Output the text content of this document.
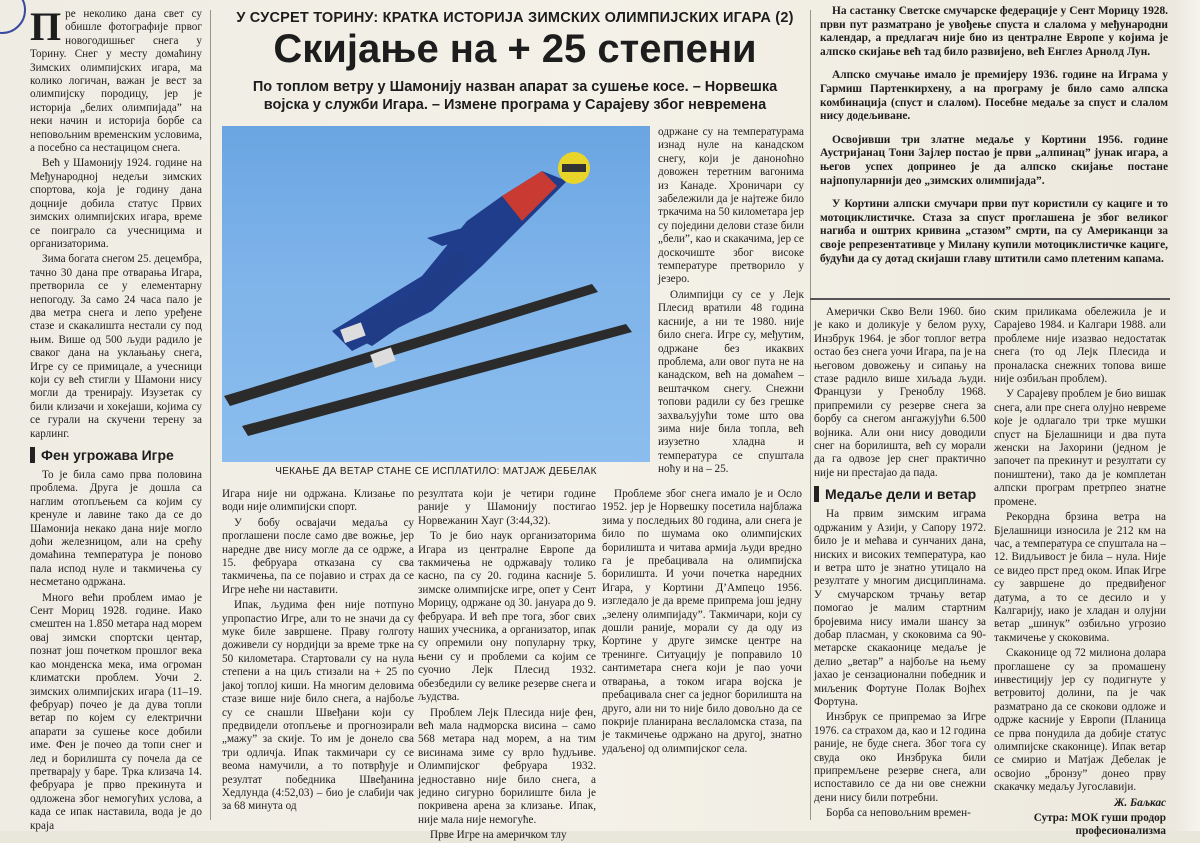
Пре неколико дана свет су обишле фотографије првог новогодишњег снега у Торину. Снег у месту домаћину Зимских олимпијских игара, ма колико логичан, важан је вест за олимпијску породицу, јер је историја „белих олимпијада” на неки начин и историја борбе са неповољним временским условима, а посебно са нестацицом снега.

Већ у Шамонију 1924. године на Међународној недељи зимских спортова, која је годину дана доцније добила статус Првих зимских олимпијских игара, време се поиграло са учесницима и организаторима.

Зима богата снегом 25. децембра, тачно 30 дана пре отварања Игара, претворила се у елементарну непогоду. За само 24 часа пало је два метра снега и лепо уређене стазе и скакалишта нестали су под њим. Више од 500 људи радило је сваког дана на уклањању снега, Игре су се примицале, а учесници који су већ стигли у Шамони нису могли да тренирају. Изузетак су били клизачи и хокејаши, којима су се гурали на скучени терену за карлинг.

Фен угрожава Игре

То је била само прва половина проблема. Друга је дошла са наглим отопљењем са којим су кренуле и лавине тако да се до Шамонија некако дана није могло доћи железницом, али на срећу домаћина температура је поново пала испод нуле и такмичења су несметано одржана.

Много већи проблем имао је Сент Мориц 1928. године. Иако смештен на 1.850 метара над морем овај зимски спортски центар, познат још почетком прошлог века као монденска мека, има огроман климатски проблем. Уочи 2. зимских олимпијских игара (11–19. фебруар) почео је да дува топли ветар по којем су електрични апарати за сушење косе добили име. Фен је почео да топи снег и лед и борилишта су почела да се претварају у баре. Трка клизача 14. фебруара је прво прекинута и одложена због немогућих услова, а када се ипак наставила, вода је до краја

У СУСРЕТ ТОРИНУ: КРАТКА ИСТОРИЈА ЗИМСКИХ ОЛИМПИЈСКИХ ИГАРА (2)
Скијање на + 25 степени
По топлом ветру у Шамонију назван апарат за сушење косе. – Норвешка
војска у служби Игара. – Измене програма у Сарајеву због невремена
ЧЕКАЊЕ ДА ВЕТАР СТАНЕ СЕ ИСПЛАТИЛО: МАТЈАЖ ДЕБЕЛАК

одржане су на температурама изнад нуле на канадском снегу, који је данонoћно довожен теретним вагонима из Канаде. Хроничари су забележили да је најтеже било тркачима на 50 километара јер су поједини делови стазе били „бели”, као и скакачима, јер се доскочиште због високе температуре претворило у језеро.

Олимпијци су се у Лејк Плесид вратили 48 година касније, а ни те 1980. није било снега. Игре су, међутим, одржане без икаквих проблема, али овог пута не на канадском, већ на домаћем – вештачком снегу. Снежни топови радили су без грешке захваљујући томе што ова зима није била топла, већ изузетно хладна и температура се спуштала ноћу и на – 25.

Игара није ни одржана. Клизање по води није олимпијски спорт.

У бобу освајачи медаља су проглашени после само две вожње, јер наредне две нису могле да се одрже, а 15. фебруара отказана су сва такмичења, па се појавио и страх да се Игре неће ни наставити.

Ипак, људима фен није потпуно упропастио Игре, али то не значи да су муке биле завршене. Праву голготу доживели су нордијци за време трке на 50 километара. Стартовали су на нула степени а на циљ стизали на + 25 по јакој топлој киши. На многим деловима стазе више није било снега, а најбоље су се снашли Швеђани који су предвидели отопљење и прогнозирали „мажу” за скије. То им је донело сва три одличја. Ипак такмичари су се веома намучили, а то потврђује и резултат победника Швеђанина Хедлунда (4:52,03) – био је слабији чак за 68 минута од

резултата који је четири године раније у Шамонију постигао Норвежанин Хауг (3:44,32).

То је био наук организаторима Игара из централне Европе да такмичења не одржавају толико касно, па су 20. година касније 5. зимске олимпијске игре, опет у Сент Морицу, одржане од 30. јануара до 9. фебруара. И већ пре тога, због свих наших учесника, а организатор, ипак су опремили ону популарну трку, њени су и проблеми са којим се суочио Лејк Плесид 1932. обезбедили су велике резерве снега и људства.

Проблем Лејк Плесида није фен, већ мала надморска висина – само 568 метара над морем, а на тим висинама зиме су врло ћудљиве. Олимпијског фебруара 1932. једноставно није било снега, а једино сигурно борилиште била је покривена арена за клизање. Ипак, није мала није немогуће.

Прве Игре на америчком тлу

Проблеме због снега имало је и Осло 1952. јер је Норвешку посетила најблажа зима у последњих 80 година, али снега је било по шумама око олимпијских борилишта и читава армија људи вредно га је пребацивала на олимпијска борилишта. И уочи почетка наредних Игара, у Кортини Д’Ампецо 1956. изгледало је да време припрема још једну „зелену олимпијаду”. Такмичари, који су дошли раније, морали су да оду из Кортине у друге зимске центре на тренинге. Ситуацију је поправило 10 сантиметара снега који је пао уочи отварања, а током игара војска је пребацивала снег са једног борилишта на друго, али ни то није било довољно да се покрије планирана веслаломска стаза, па је такмичење одржано на другој, знатно удаљеној од олимпијског села.

На састанку Светске смучарске федерације у Сент Морицу 1928. први пут разматрано је увођење спуста и слалома у међународни календар, а предлагач није био из централне Европе у којима је алпско скијање већ тад било развијено, већ Енглез Арнолд Лун.

Алпско смучање имало је премијеру 1936. године на Играма у Гармиш Партенкирхену, а на програму је било само алпска комбинација (спуст и слалом). Посебне медаље за спуст и слалом нису додељиване.

Освојивши три златне медаље у Кортини 1956. године Аустријанац Тони Зајлер постао је први „алпинац” јунак игара, а његов успех допринео је да алпско скијање постане најпопуларнији део „зимских олимпијада”.

У Кортини алпски смучари први пут користили су кациге и то мотоциклистичке. Стаза за спуст проглашена је због великог нагиба и оштрих кривина „стазом” смрти, па су Американци за своје репрезентативце у Милану купили мотоциклистичке кациге, будући да су дотад скијаши главу штитили само плетеним капама.

Амерички Скво Вели 1960. био је како и доликује у белом руху, Инзбрук 1964. је због топлог ветра остао без снега уочи Игара, па је на његовом довожењу и сипању на стазе радило више хиљада људи. Французи у Греноблу 1968. припремили су резерве снега за борбу са снегом ангажујући 6.500 војника. Али они нису доводили снег на борилишта, већ су морали да га одвозе јер снег практично није ни престајао да пада.

Медаље дели и ветар

На првим зимским играма одржаним у Азији, у Сапору 1972. било је и мећава и сунчаних дана, ниских и високих температура, као и ветра што је знатно утицало на резултате у многим дисциплинама. У смучарском трчању ветар помогао је малим стартним бројевима нису имали шансу за добар пласман, у скоковима са 90-метарске скакаонице медаље је делио „ветар” а најбоље на њему јахао је сензационални победник и миљеник Фортуне Полак Војћех Фортуна.

Инзбрук се припремао за Игре 1976. са страхом да, као и 12 година раније, не буде снега. Због тога су свуда око Инзбрука били припремљене резерве снега, али испоставило се да ни ове снежни дени нису били потребни.

Борба са неповољним времен-

ским приликама обележила је и Сарајево 1984. и Калгари 1988. али проблеме није изазвао недостатак снега (то од Лејк Плесида и проналаска снежних топова више није озбиљан проблем).

У Сарајеву проблем је био вишак снега, али пре снега олујно невреме које је одлагало три трке мушки спуст на Бјелашници и два пута женски на Јахорини (једном је започет па прекинут и резултати су поништени), тако да је комплетан алпски програм претрпео знатне промене.

Рекордна брзина ветра на Бјелашници износила је 212 км на час, а температура се спуштала на –12. Видљивост је била – нула. Није се видео прст пред оком. Ипак Игре су завршене до предвиђеног датума, а то се десило и у Калгарију, иако је хладан и олујни ветар „шинук” озбиљно угрозио такмичење у скоковима.

Скаконице од 72 милиона долара проглашене су за промашену инвестицију јер су подигнуте у ветровитој долини, па је чак разматрано да се скокови одложе и одрже касније у Европи (Планица се прва понудила да добије статус олимпијске скаконице). Ипак ветар се смирио и Матјаж Дебелак је освојио „бронзу” донео прву скакачку медаљу Југославији.

Ж. Баљкас

Сутра: МОК гуши продор професионализма
